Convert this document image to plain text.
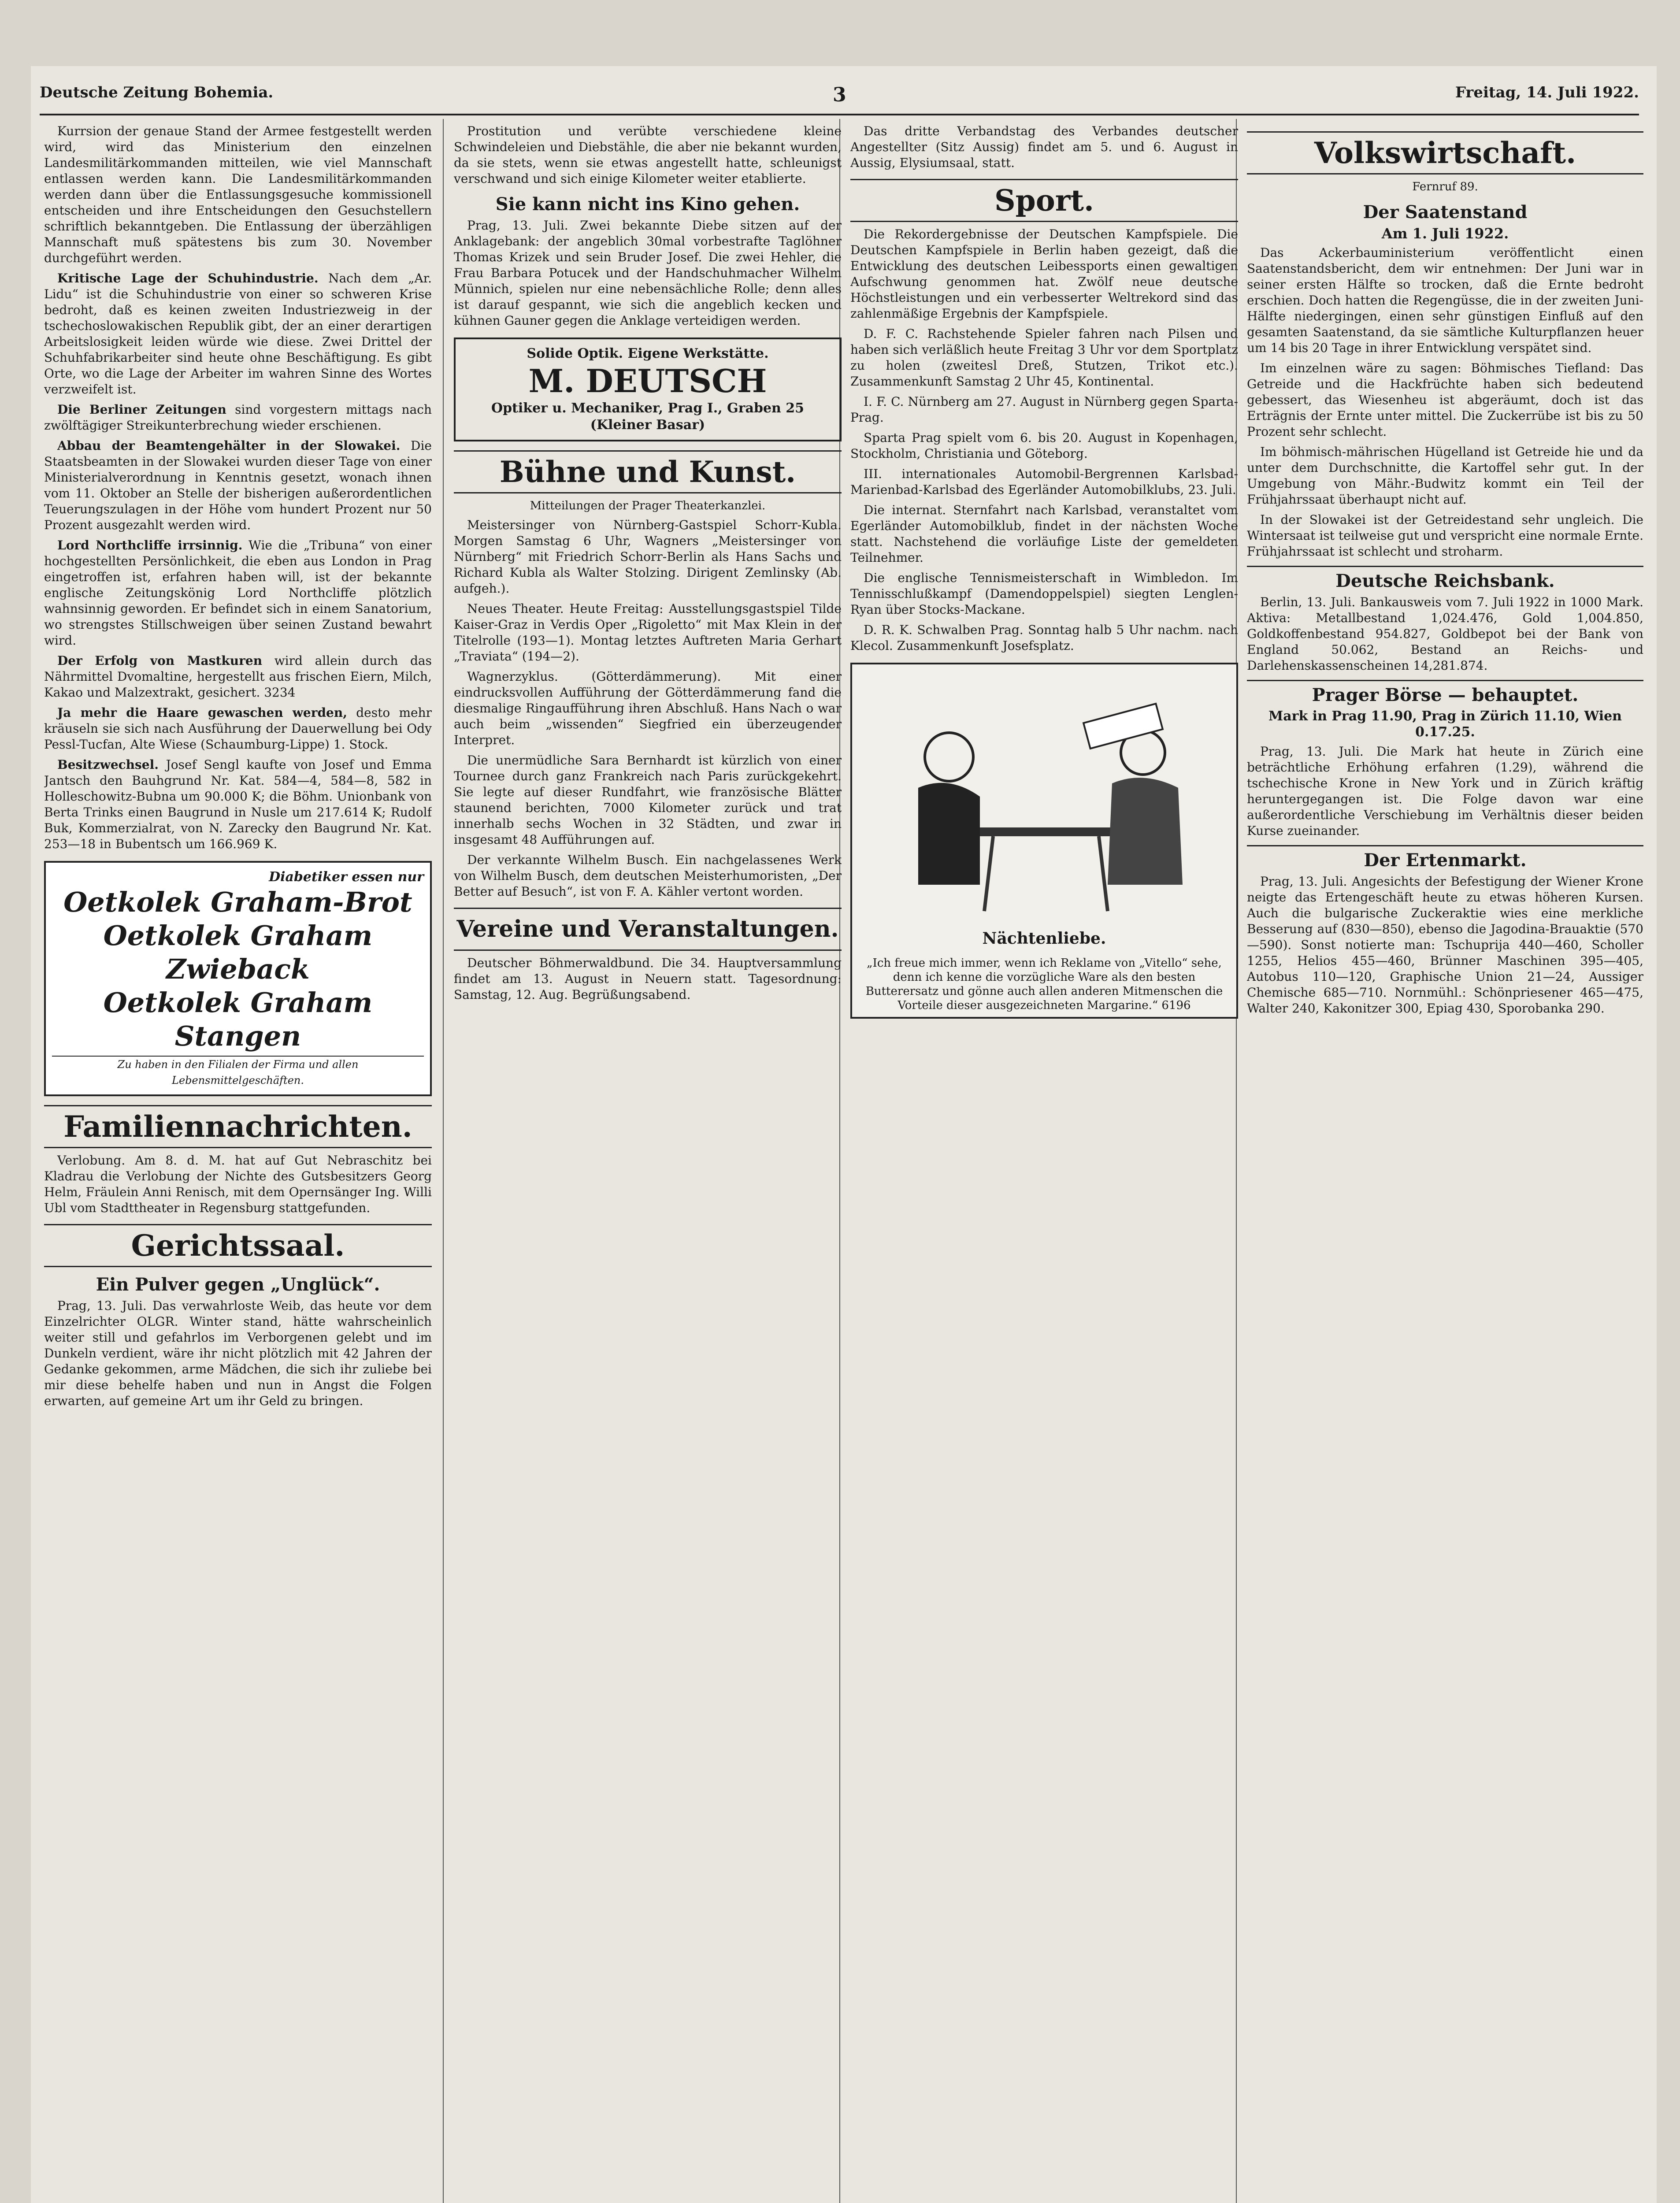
Deutsche Zeitung Bohemia.	3	Freitag, 14. Juli 1922.

Kurrsion der genaue Stand der Armee festgestellt werden wird, wird das Ministerium den einzelnen Landesmilitärkommanden mitteilen, wie viel Mannschaft entlassen werden kann. Die Landesmilitärkommanden werden dann über die Entlassungsgesuche kommissionell entscheiden und ihre Entscheidungen den Gesuchstellern schriftlich bekanntgeben. Die Entlassung der überzähligen Mannschaft muß spätestens bis zum 30. November durchgeführt werden.

Kritische Lage der Schuhindustrie. Nach dem „Ar. Lidu“ ist die Schuhindustrie von einer so schweren Krise bedroht, daß es keinen zweiten Industriezweig in der tschechoslowakischen Republik gibt, der an einer derartigen Arbeitslosigkeit leiden würde wie diese. Zwei Drittel der Schuhfabrikarbeiter sind heute ohne Beschäftigung. Es gibt Orte, wo die Lage der Arbeiter im wahren Sinne des Wortes verzweifelt ist.

Die Berliner Zeitungen sind vorgestern mittags nach zwölftägiger Streikunterbrechung wieder erschienen.

Abbau der Beamtengehälter in der Slowakei. Die Staatsbeamten in der Slowakei wurden dieser Tage von einer Ministerialverordnung in Kenntnis gesetzt, wonach ihnen vom 11. Oktober an Stelle der bisherigen außerordentlichen Teuerungszulagen in der Höhe vom hundert Prozent nur 50 Prozent ausgezahlt werden wird.

Lord Northcliffe irrsinnig. Wie die „Tribuna“ von einer hochgestellten Persönlichkeit, die eben aus London in Prag eingetroffen ist, erfahren haben will, ist der bekannte englische Zeitungskönig Lord Northcliffe plötzlich wahnsinnig geworden. Er befindet sich in einem Sanatorium, wo strengstes Stillschweigen über seinen Zustand bewahrt wird.

Der Erfolg von Mastkuren wird allein durch das Nährmittel Dvomaltine, hergestellt aus frischen Eiern, Milch, Kakao und Malzextrakt, gesichert. 3234

Ja mehr die Haare gewaschen werden, desto mehr kräuseln sie sich nach Ausführung der Dauerwellung bei Ody Pessl-Tucfan, Alte Wiese (Schaumburg-Lippe) 1. Stock.

Besitzwechsel. Josef Sengl kaufte von Josef und Emma Jantsch den Bauhgrund Nr. Kat. 584—4, 584—8, 582 in Holleschowitz-Bubna um 90.000 K; die Böhm. Unionbank von Berta Trinks einen Baugrund in Nusle um 217.614 K; Rudolf Buk, Kommerzialrat, von N. Zarecky den Baugrund Nr. Kat. 253—18 in Bubentsch um 166.969 K.

Diabetiker essen nur
Oetkolek Graham-Brot
Oetkolek Graham Zwieback
Oetkolek Graham Stangen
Zu haben in den Filialen der Firma und allen Lebensmittelgeschäften.
Familiennachrichten.

Verlobung. Am 8. d. M. hat auf Gut Nebraschitz bei Kladrau die Verlobung der Nichte des Gutsbesitzers Georg Helm, Fräulein Anni Renisch, mit dem Opernsänger Ing. Willi Ubl vom Stadttheater in Regensburg stattgefunden.

Gerichtssaal.
Ein Pulver gegen „Unglück“.

Prag, 13. Juli. Das verwahrloste Weib, das heute vor dem Einzelrichter OLGR. Winter stand, hätte wahrscheinlich weiter still und gefahrlos im Verborgenen gelebt und im Dunkeln verdient, wäre ihr nicht plötzlich mit 42 Jahren der Gedanke gekommen, arme Mädchen, die sich ihr zuliebe bei mir diese behelfe haben und nun in Angst die Folgen erwarten, auf gemeine Art um ihr Geld zu bringen.

Prostitution und verübte verschiedene kleine Schwindeleien und Diebstähle, die aber nie bekannt wurden, da sie stets, wenn sie etwas angestellt hatte, schleunigst verschwand und sich einige Kilometer weiter etablierte.

Sie kann nicht ins Kino gehen.

Prag, 13. Juli. Zwei bekannte Diebe sitzen auf der Anklagebank: der angeblich 30mal vorbestrafte Taglöhner Thomas Krizek und sein Bruder Josef. Die zwei Hehler, die Frau Barbara Potucek und der Handschuhmacher Wilhelm Münnich, spielen nur eine nebensächliche Rolle; denn alles ist darauf gespannt, wie sich die angeblich kecken und kühnen Gauner gegen die Anklage verteidigen werden.

Solide Optik. Eigene Werkstätte.
M. DEUTSCH
Optiker u. Mechaniker, Prag I., Graben 25 (Kleiner Basar)
Bühne und Kunst.
Mitteilungen der Prager Theaterkanzlei.

Meistersinger von Nürnberg-Gastspiel Schorr-Kubla. Morgen Samstag 6 Uhr, Wagners „Meistersinger von Nürnberg“ mit Friedrich Schorr-Berlin als Hans Sachs und Richard Kubla als Walter Stolzing. Dirigent Zemlinsky (Ab. aufgeh.).

Neues Theater. Heute Freitag: Ausstellungsgastspiel Tilde Kaiser-Graz in Verdis Oper „Rigoletto“ mit Max Klein in der Titelrolle (193—1). Montag letztes Auftreten Maria Gerhart „Traviata“ (194—2).

Wagnerzyklus. (Götterdämmerung). Mit einer eindrucksvollen Aufführung der Götterdämmerung fand die diesmalige Ringaufführung ihren Abschluß. Hans Nach o war auch beim „wissenden“ Siegfried ein überzeugender Interpret.

Die unermüdliche Sara Bernhardt ist kürzlich von einer Tournee durch ganz Frankreich nach Paris zurückgekehrt. Sie legte auf dieser Rundfahrt, wie französische Blätter staunend berichten, 7000 Kilometer zurück und trat innerhalb sechs Wochen in 32 Städten, und zwar in insgesamt 48 Aufführungen auf.

Der verkannte Wilhelm Busch. Ein nachgelassenes Werk von Wilhelm Busch, dem deutschen Meisterhumoristen, „Der Better auf Besuch“, ist von F. A. Kähler vertont worden.

Vereine und Veranstaltungen.

Deutscher Böhmerwaldbund. Die 34. Hauptversammlung findet am 13. August in Neuern statt. Tagesordnung: Samstag, 12. Aug. Begrüßungsabend.

Das dritte Verbandstag des Verbandes deutscher Angestellter (Sitz Aussig) findet am 5. und 6. August in Aussig, Elysiumsaal, statt.

Sport.

Die Rekordergebnisse der Deutschen Kampfspiele. Die Deutschen Kampfspiele in Berlin haben gezeigt, daß die Entwicklung des deutschen Leibessports einen gewaltigen Aufschwung genommen hat. Zwölf neue deutsche Höchstleistungen und ein verbesserter Weltrekord sind das zahlenmäßige Ergebnis der Kampfspiele.

D. F. C. Rachstehende Spieler fahren nach Pilsen und haben sich verläßlich heute Freitag 3 Uhr vor dem Sportplatz zu holen (zweitesl Dreß, Stutzen, Trikot etc.). Zusammenkunft Samstag 2 Uhr 45, Kontinental.

I. F. C. Nürnberg am 27. August in Nürnberg gegen Sparta-Prag.

Sparta Prag spielt vom 6. bis 20. August in Kopenhagen, Stockholm, Christiania und Göteborg.

III. internationales Automobil-Bergrennen Karlsbad-Marienbad-Karlsbad des Egerländer Automobilklubs, 23. Juli.

Die internat. Sternfahrt nach Karlsbad, veranstaltet vom Egerländer Automobilklub, findet in der nächsten Woche statt. Nachstehend die vorläufige Liste der gemeldeten Teilnehmer.

Die englische Tennismeisterschaft in Wimbledon. Im Tennisschlußkampf (Damendoppelspiel) siegten Lenglen-Ryan über Stocks-Mackane.

D. R. K. Schwalben Prag. Sonntag halb 5 Uhr nachm. nach Klecol. Zusammenkunft Josefsplatz.

Nächtenliebe.
„Ich freue mich immer, wenn ich Reklame von „Vitello“ sehe, denn ich kenne die vorzügliche Ware als den besten Butterersatz und gönne auch allen anderen Mitmenschen die Vorteile dieser ausgezeichneten Margarine.“ 6196
Volkswirtschaft.
Fernruf 89.
Der Saatenstand
Am 1. Juli 1922.

Das Ackerbauministerium veröffentlicht einen Saatenstandsbericht, dem wir entnehmen: Der Juni war in seiner ersten Hälfte so trocken, daß die Ernte bedroht erschien. Doch hatten die Regengüsse, die in der zweiten Juni-Hälfte niedergingen, einen sehr günstigen Einfluß auf den gesamten Saatenstand, da sie sämtliche Kulturpflanzen heuer um 14 bis 20 Tage in ihrer Entwicklung verspätet sind.

Im einzelnen wäre zu sagen: Böhmisches Tiefland: Das Getreide und die Hackfrüchte haben sich bedeutend gebessert, das Wiesenheu ist abgeräumt, doch ist das Erträgnis der Ernte unter mittel. Die Zuckerrübe ist bis zu 50 Prozent sehr schlecht.

Im böhmisch-mährischen Hügelland ist Getreide hie und da unter dem Durchschnitte, die Kartoffel sehr gut. In der Umgebung von Mähr.-Budwitz kommt ein Teil der Frühjahrssaat überhaupt nicht auf.

In der Slowakei ist der Getreidestand sehr ungleich. Die Wintersaat ist teilweise gut und verspricht eine normale Ernte. Frühjahrssaat ist schlecht und stroharm.

Deutsche Reichsbank.

Berlin, 13. Juli. Bankausweis vom 7. Juli 1922 in 1000 Mark. Aktiva: Metallbestand 1,024.476, Gold 1,004.850, Goldkoffenbestand 954.827, Goldbepot bei der Bank von England 50.062, Bestand an Reichs- und Darlehenskassenscheinen 14,281.874.

Prager Börse — behauptet.
Mark in Prag 11.90, Prag in Zürich 11.10, Wien 0.17.25.

Prag, 13. Juli. Die Mark hat heute in Zürich eine beträchtliche Erhöhung erfahren (1.29), während die tschechische Krone in New York und in Zürich kräftig heruntergegangen ist. Die Folge davon war eine außerordentliche Verschiebung im Verhältnis dieser beiden Kurse zueinander.

Der Ertenmarkt.

Prag, 13. Juli. Angesichts der Befestigung der Wiener Krone neigte das Ertengeschäft heute zu etwas höheren Kursen. Auch die bulgarische Zuckeraktie wies eine merkliche Besserung auf (830—850), ebenso die Jagodina-Brauaktie (570—590). Sonst notierte man: Tschuprija 440—460, Scholler 1255, Helios 455—460, Brünner Maschinen 395—405, Autobus 110—120, Graphische Union 21—24, Aussiger Chemische 685—710. Nornmühl.: Schönpriesener 465—475, Walter 240, Kakonitzer 300, Epiag 430, Sporobanka 290.
